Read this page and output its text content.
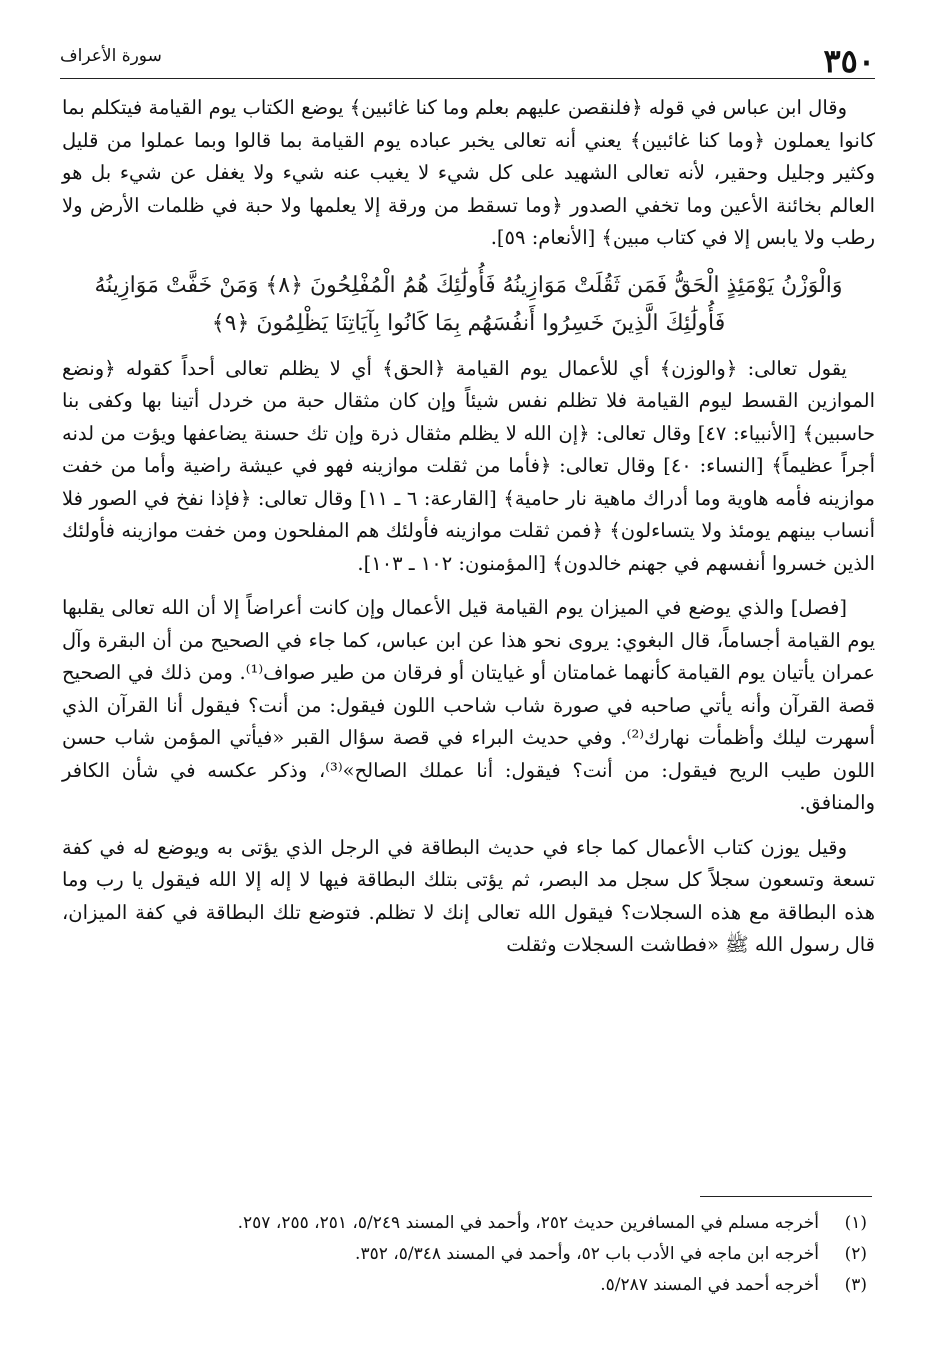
٣٥٠
سورة الأعراف

وقال ابن عباس في قوله ﴿فلنقصن عليهم بعلم وما كنا غائبين﴾ يوضع الكتاب يوم القيامة فيتكلم بما كانوا يعملون ﴿وما كنا غائبين﴾ يعني أنه تعالى يخبر عباده يوم القيامة بما قالوا وبما عملوا من قليل وكثير وجليل وحقير، لأنه تعالى الشهيد على كل شيء لا يغيب عنه شيء ولا يغفل عن شيء بل هو العالم بخائنة الأعين وما تخفي الصدور ﴿وما تسقط من ورقة إلا يعلمها ولا حبة في ظلمات الأرض ولا رطب ولا يابس إلا في كتاب مبين﴾ [الأنعام: ٥٩].

وَالْوَزْنُ يَوْمَئِذٍ الْحَقُّ فَمَن ثَقُلَتْ مَوَازِينُهُ فَأُولَٰئِكَ هُمُ الْمُفْلِحُونَ ﴿٨﴾ وَمَنْ خَفَّتْ مَوَازِينُهُ فَأُولَٰئِكَ الَّذِينَ خَسِرُوا أَنفُسَهُم بِمَا كَانُوا بِآيَاتِنَا يَظْلِمُونَ ﴿٩﴾

يقول تعالى: ﴿والوزن﴾ أي للأعمال يوم القيامة ﴿الحق﴾ أي لا يظلم تعالى أحداً كقوله ﴿ونضع الموازين القسط ليوم القيامة فلا تظلم نفس شيئاً وإن كان مثقال حبة من خردل أتينا بها وكفى بنا حاسبين﴾ [الأنبياء: ٤٧] وقال تعالى: ﴿إن الله لا يظلم مثقال ذرة وإن تك حسنة يضاعفها ويؤت من لدنه أجراً عظيماً﴾ [النساء: ٤٠] وقال تعالى: ﴿فأما من ثقلت موازينه فهو في عيشة راضية وأما من خفت موازينه فأمه هاوية وما أدراك ماهية نار حامية﴾ [القارعة: ٦ ـ ١١] وقال تعالى: ﴿فإذا نفخ في الصور فلا أنساب بينهم يومئذ ولا يتساءلون﴾ ﴿فمن ثقلت موازينه فأولئك هم المفلحون ومن خفت موازينه فأولئك الذين خسروا أنفسهم في جهنم خالدون﴾ [المؤمنون: ١٠٢ ـ ١٠٣].

[فصل] والذي يوضع في الميزان يوم القيامة قيل الأعمال وإن كانت أعراضاً إلا أن الله تعالى يقلبها يوم القيامة أجساماً، قال البغوي: يروى نحو هذا عن ابن عباس، كما جاء في الصحيح من أن البقرة وآل عمران يأتيان يوم القيامة كأنهما غمامتان أو غيايتان أو فرقان من طير صواف⁽¹⁾. ومن ذلك في الصحيح قصة القرآن وأنه يأتي صاحبه في صورة شاب شاحب اللون فيقول: من أنت؟ فيقول أنا القرآن الذي أسهرت ليلك وأظمأت نهارك⁽²⁾. وفي حديث البراء في قصة سؤال القبر «فيأتي المؤمن شاب حسن اللون طيب الريح فيقول: من أنت؟ فيقول: أنا عملك الصالح»⁽³⁾، وذكر عكسه في شأن الكافر والمنافق.

وقيل يوزن كتاب الأعمال كما جاء في حديث البطاقة في الرجل الذي يؤتى به ويوضع له في كفة تسعة وتسعون سجلاً كل سجل مد البصر، ثم يؤتى بتلك البطاقة فيها لا إله إلا الله فيقول يا رب وما هذه البطاقة مع هذه السجلات؟ فيقول الله تعالى إنك لا تظلم. فتوضع تلك البطاقة في كفة الميزان، قال رسول الله ﷺ «فطاشت السجلات وثقلت

(١)
أخرجه مسلم في المسافرين حديث ٢٥٢، وأحمد في المسند ٥/٢٤٩، ٢٥١، ٢٥٥، ٢٥٧.
(٢)
أخرجه ابن ماجه في الأدب باب ٥٢، وأحمد في المسند ٥/٣٤٨، ٣٥٢.
(٣)
أخرجه أحمد في المسند ٥/٢٨٧.
